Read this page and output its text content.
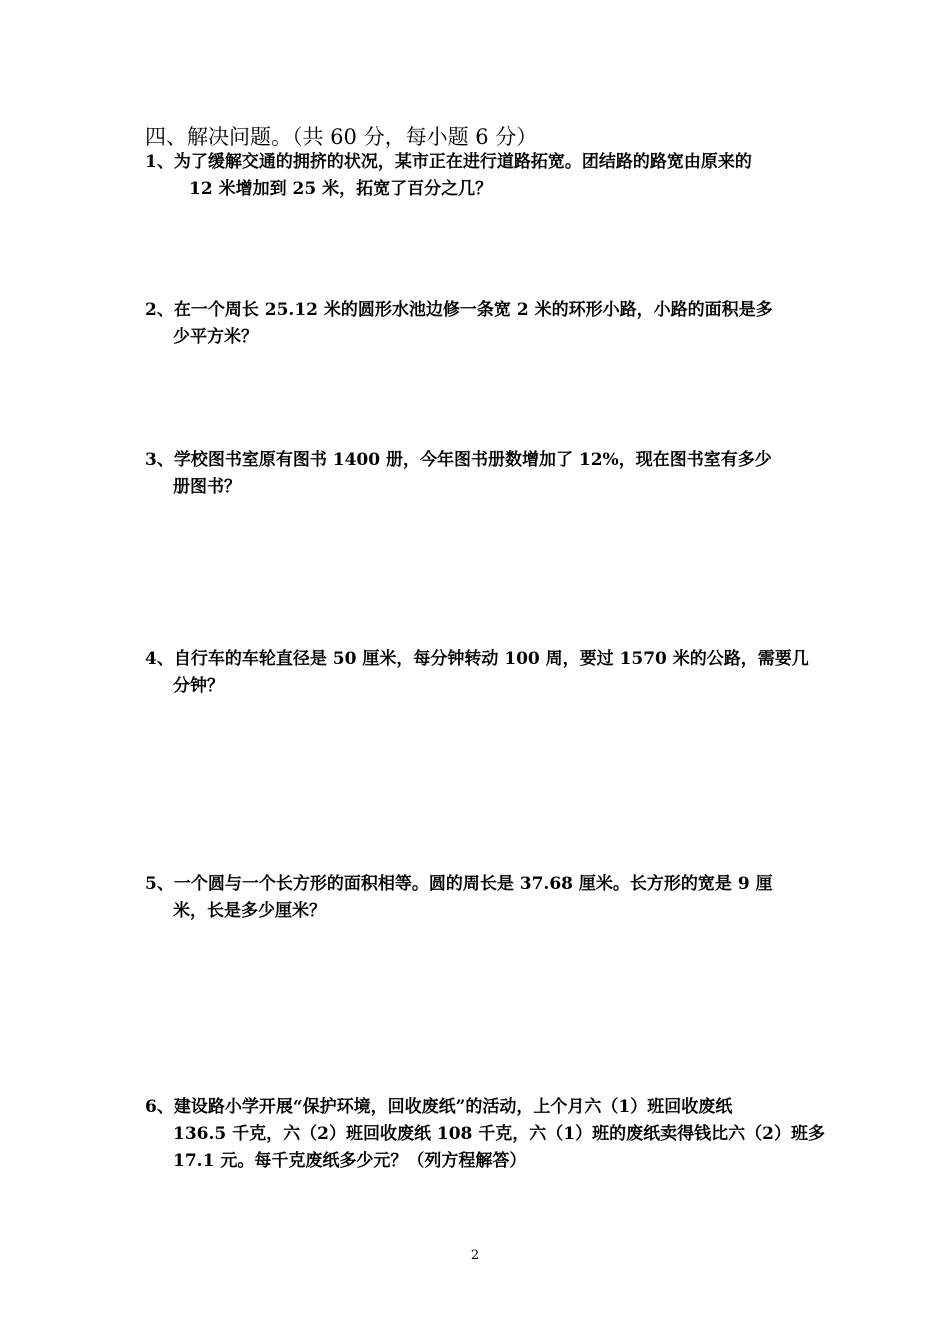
四、解决问题。（共 60 分，每小题 6 分）
1、为了缓解交通的拥挤的状况，某市正在进行道路拓宽。团结路的路宽由原来的
12 米增加到 25 米，拓宽了百分之几？
2、在一个周长 25.12 米的圆形水池边修一条宽 2 米的环形小路，小路的面积是多
少平方米？
3、学校图书室原有图书 1400 册，今年图书册数增加了 12%，现在图书室有多少
册图书？
4、自行车的车轮直径是 50 厘米，每分钟转动 100 周，要过 1570 米的公路，需要几
分钟？
5、一个圆与一个长方形的面积相等。圆的周长是 37.68 厘米。长方形的宽是 9 厘
米，长是多少厘米？
6、建设路小学开展“保护环境，回收废纸”的活动，上个月六（1）班回收废纸
136.5 千克，六（2）班回收废纸 108 千克，六（1）班的废纸卖得钱比六（2）班多
17.1 元。每千克废纸多少元？（列方程解答）
2
